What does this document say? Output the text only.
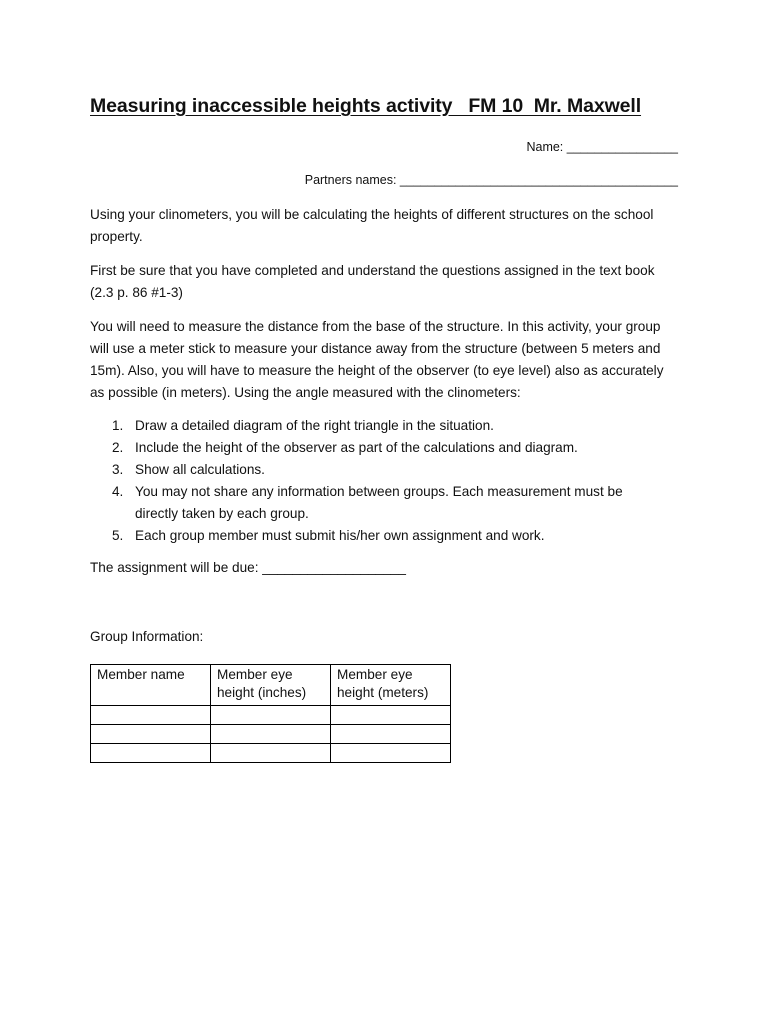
Measuring inaccessible heights activity   FM 10  Mr. Maxwell
Name: ________________
Partners names: ________________________________________

Using your clinometers, you will be calculating the heights of different structures on the school property.

First be sure that you have completed and understand the questions assigned in the text book (2.3 p. 86 #1-3)

You will need to measure the distance from the base of the structure. In this activity, your group will use a meter stick to measure your distance away from the structure (between 5 meters and 15m). Also, you will have to measure the height of the observer (to eye level) also as accurately as possible (in meters). Using the angle measured with the clinometers:

1. Draw a detailed diagram of the right triangle in the situation.
2. Include the height of the observer as part of the calculations and diagram.
3. Show all calculations.
4. You may not share any information between groups. Each measurement must be directly taken by each group.
5. Each group member must submit his/her own assignment and work.
The assignment will be due: ___________________
Group Information:
Member name	Member eye height (inches)	Member eye height (meters)
